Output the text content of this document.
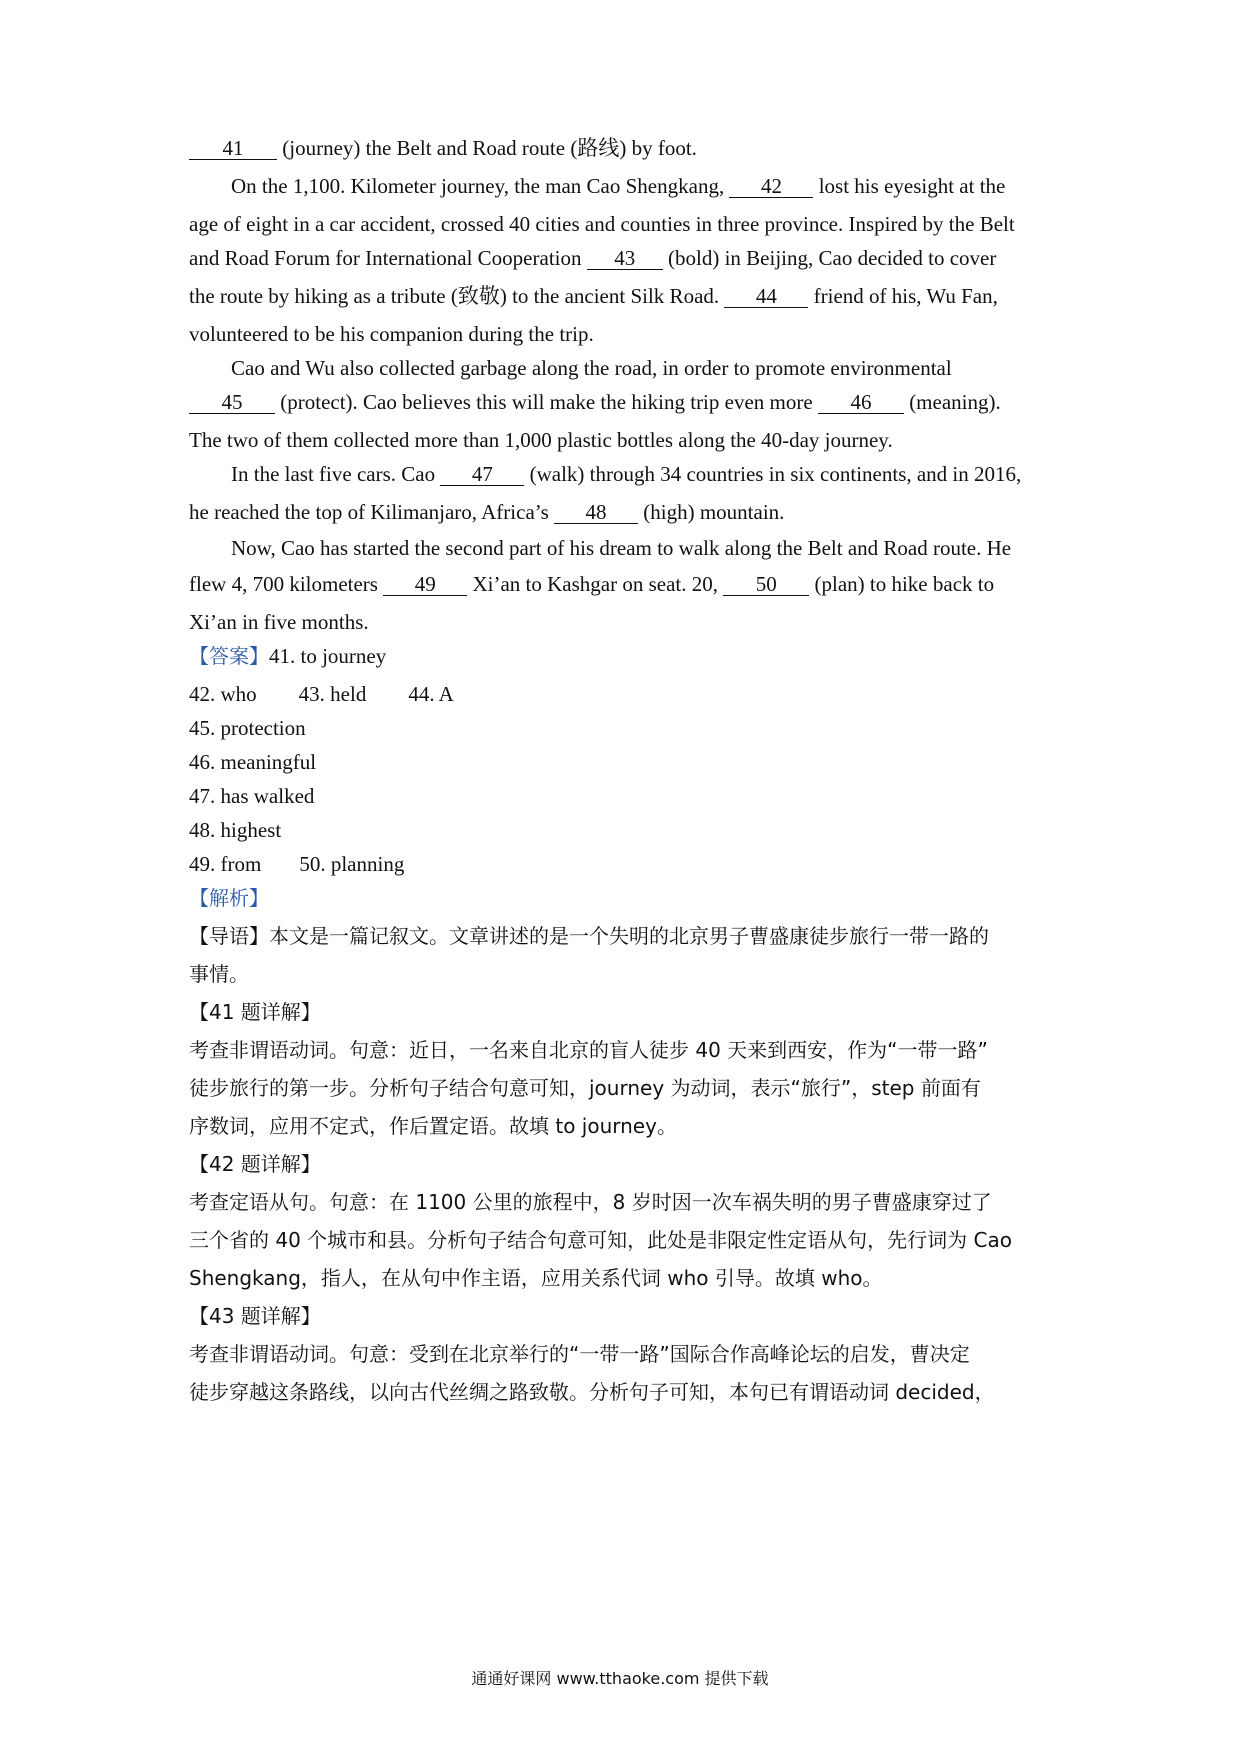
41 (journey) the Belt and Road route (路线) by foot.
On the 1,100. Kilometer journey, the man Cao Shengkang, 42 lost his eyesight at the
age of eight in a car accident, crossed 40 cities and counties in three province. Inspired by the Belt
and Road Forum for International Cooperation 43 (bold) in Beijing, Cao decided to cover
the route by hiking as a tribute (致敬) to the ancient Silk Road. 44 friend of his, Wu Fan,
volunteered to be his companion during the trip.
Cao and Wu also collected garbage along the road, in order to promote environmental
45 (protect). Cao believes this will make the hiking trip even more 46 (meaning).
The two of them collected more than 1,000 plastic bottles along the 40-day journey.
In the last five cars. Cao 47 (walk) through 34 countries in six continents, and in 2016,
he reached the top of Kilimanjaro, Africa’s 48 (high) mountain.
Now, Cao has started the second part of his dream to walk along the Belt and Road route. He
flew 4, 700 kilometers 49 Xi’an to Kashgar on seat. 20, 50 (plan) to hike back to
Xi’an in five months.
【答案】41. to journey
42. who 43. held 44. A
45. protection
46. meaningful
47. has walked
48. highest
49. from 50. planning
【解析】
【导语】本文是一篇记叙文。文章讲述的是一个失明的北京男子曹盛康徒步旅行一带一路的
事情。
【41 题详解】
考查非谓语动词。句意：近日，一名来自北京的盲人徒步 40 天来到西安，作为“一带一路”
徒步旅行的第一步。分析句子结合句意可知，journey 为动词，表示“旅行”，step 前面有
序数词，应用不定式，作后置定语。故填 to journey。
【42 题详解】
考查定语从句。句意：在 1100 公里的旅程中，8 岁时因一次车祸失明的男子曹盛康穿过了
三个省的 40 个城市和县。分析句子结合句意可知，此处是非限定性定语从句，先行词为 Cao
Shengkang，指人，在从句中作主语，应用关系代词 who 引导。故填 who。
【43 题详解】
考查非谓语动词。句意：受到在北京举行的“一带一路”国际合作高峰论坛的启发，曹决定
徒步穿越这条路线，以向古代丝绸之路致敬。分析句子可知，本句已有谓语动词 decided，
通通好课网 www.tthaoke.com 提供下载
